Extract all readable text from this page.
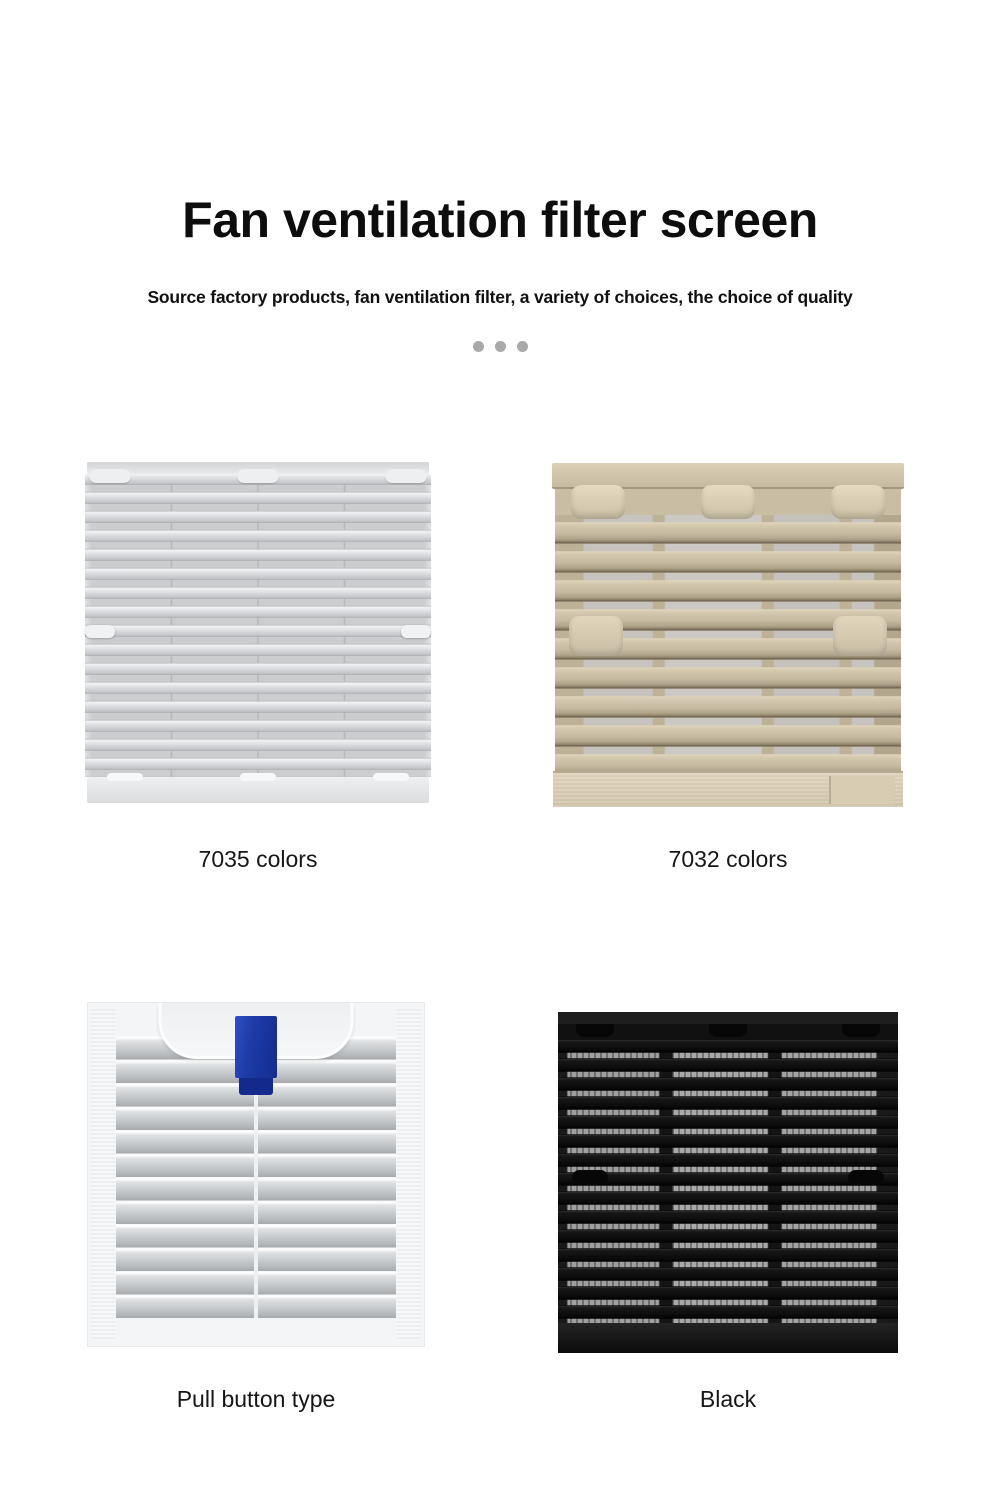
Fan ventilation filter screen

Source factory products, fan ventilation filter, a variety of choices, the choice of quality

7035 colors	7032 colors
Pull button type	Black
